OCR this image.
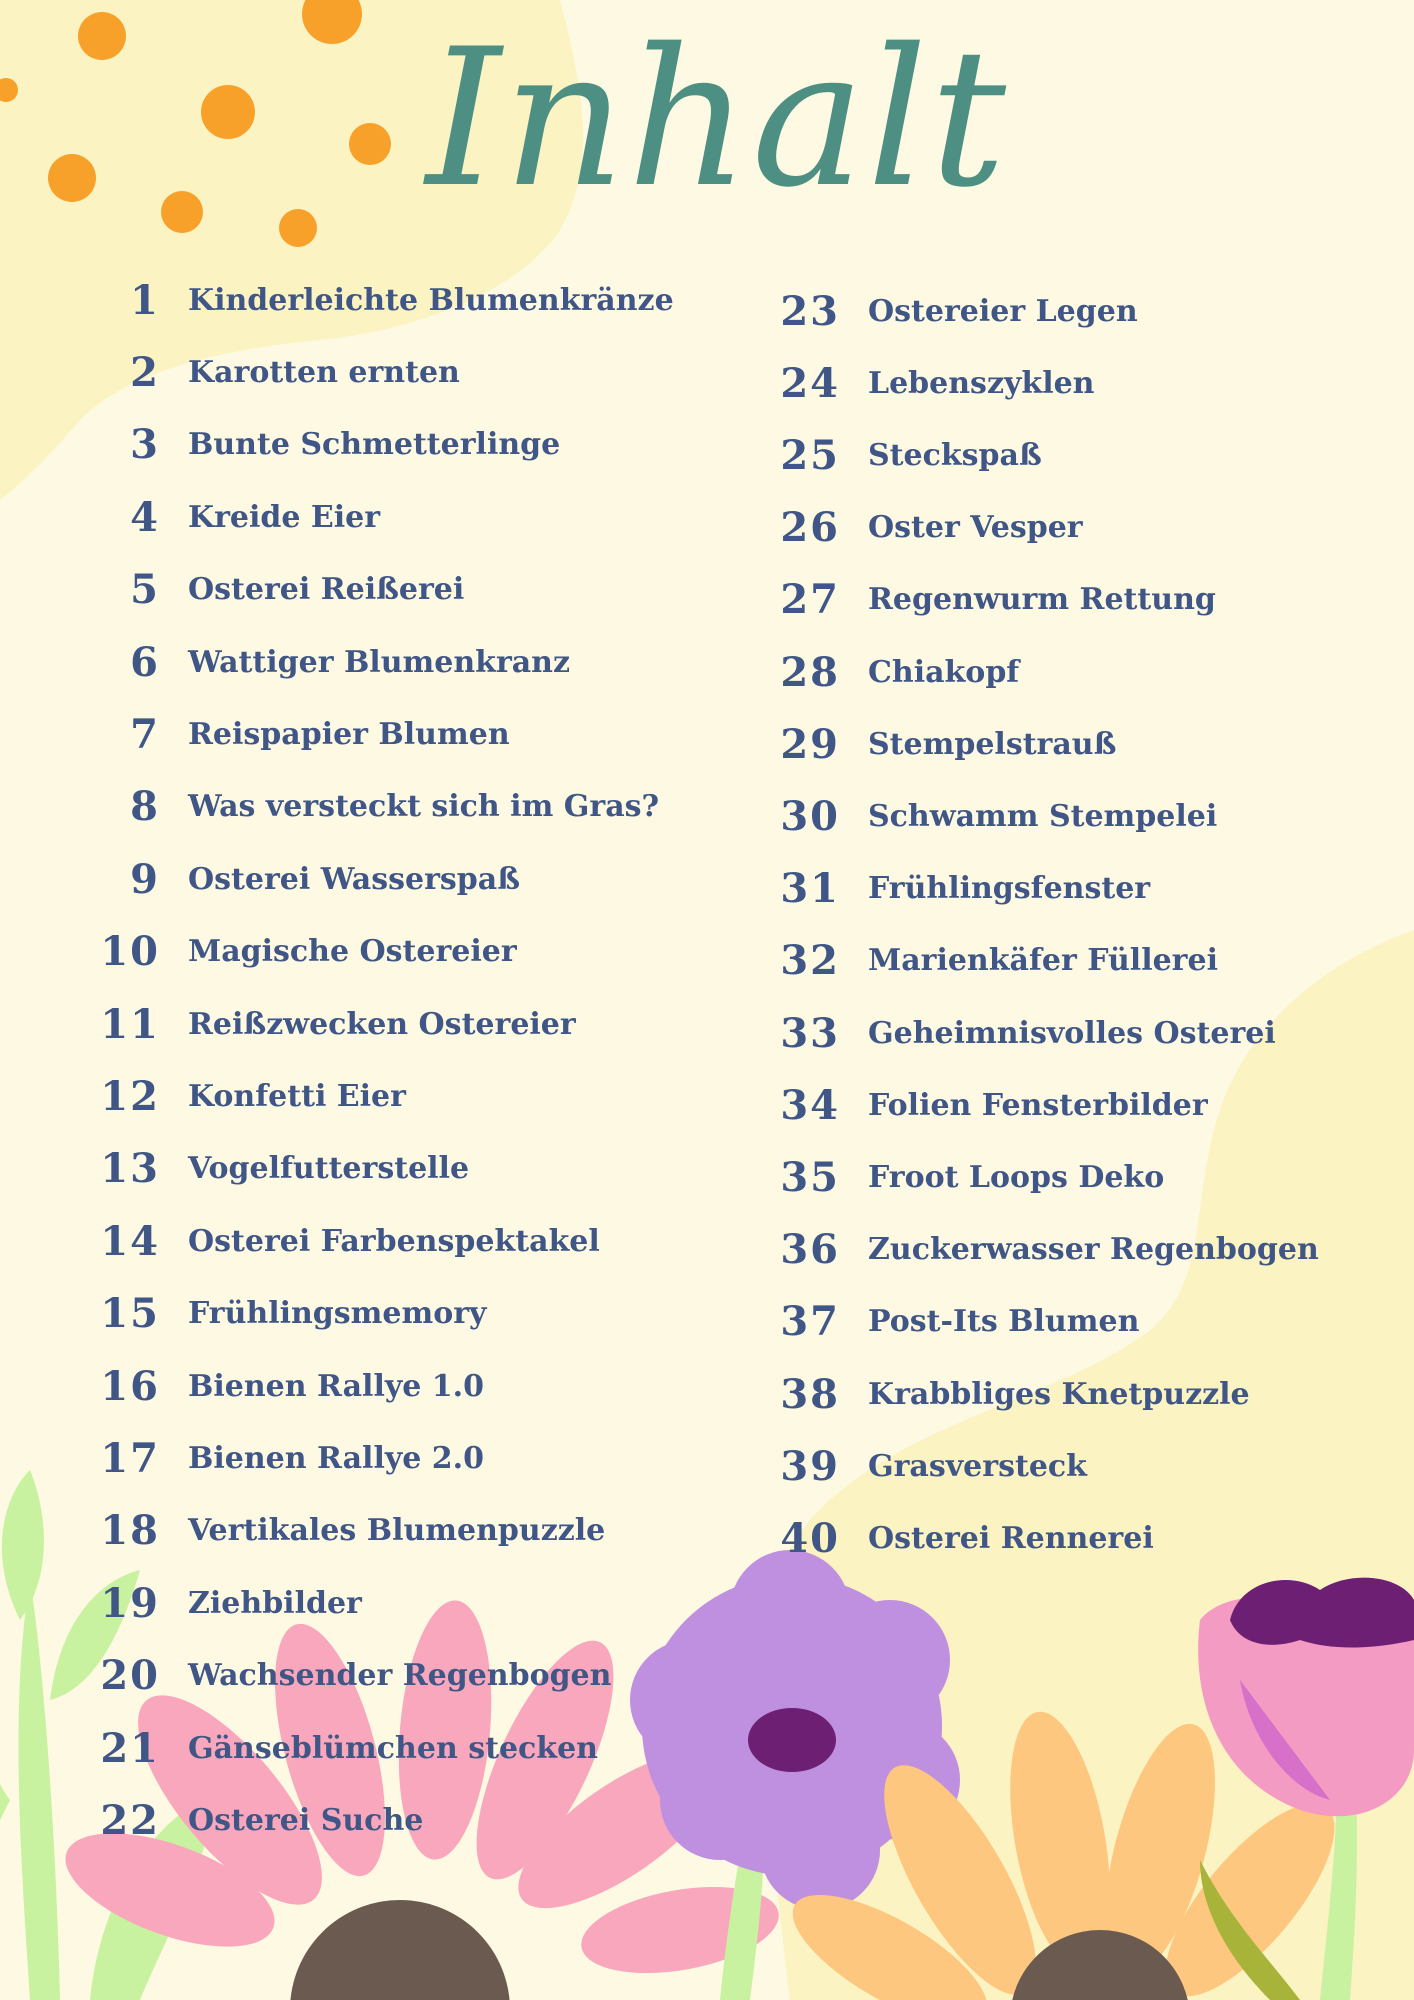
Inhalt
1 Kinderleichte Blumenkränze
2 Karotten ernten
3 Bunte Schmetterlinge
4 Kreide Eier
5 Osterei Reißerei
6 Wattiger Blumenkranz
7 Reispapier Blumen
8 Was versteckt sich im Gras?
9 Osterei Wasserspaß
10 Magische Ostereier
11 Reißzwecken Ostereier
12 Konfetti Eier
13 Vogelfutterstelle
14 Osterei Farbenspektakel
15 Frühlingsmemory
16 Bienen Rallye 1.0
17 Bienen Rallye 2.0
18 Vertikales Blumenpuzzle
19 Ziehbilder
20 Wachsender Regenbogen
21 Gänseblümchen stecken
22 Osterei Suche
23 Ostereier Legen
24 Lebenszyklen
25 Steckspaß
26 Oster Vesper
27 Regenwurm Rettung
28 Chiakopf
29 Stempelstrauß
30 Schwamm Stempelei
31 Frühlingsfenster
32 Marienkäfer Füllerei
33 Geheimnisvolles Osterei
34 Folien Fensterbilder
35 Froot Loops Deko
36 Zuckerwasser Regenbogen
37 Post-Its Blumen
38 Krabbliges Knetpuzzle
39 Grasversteck
40 Osterei Rennerei
